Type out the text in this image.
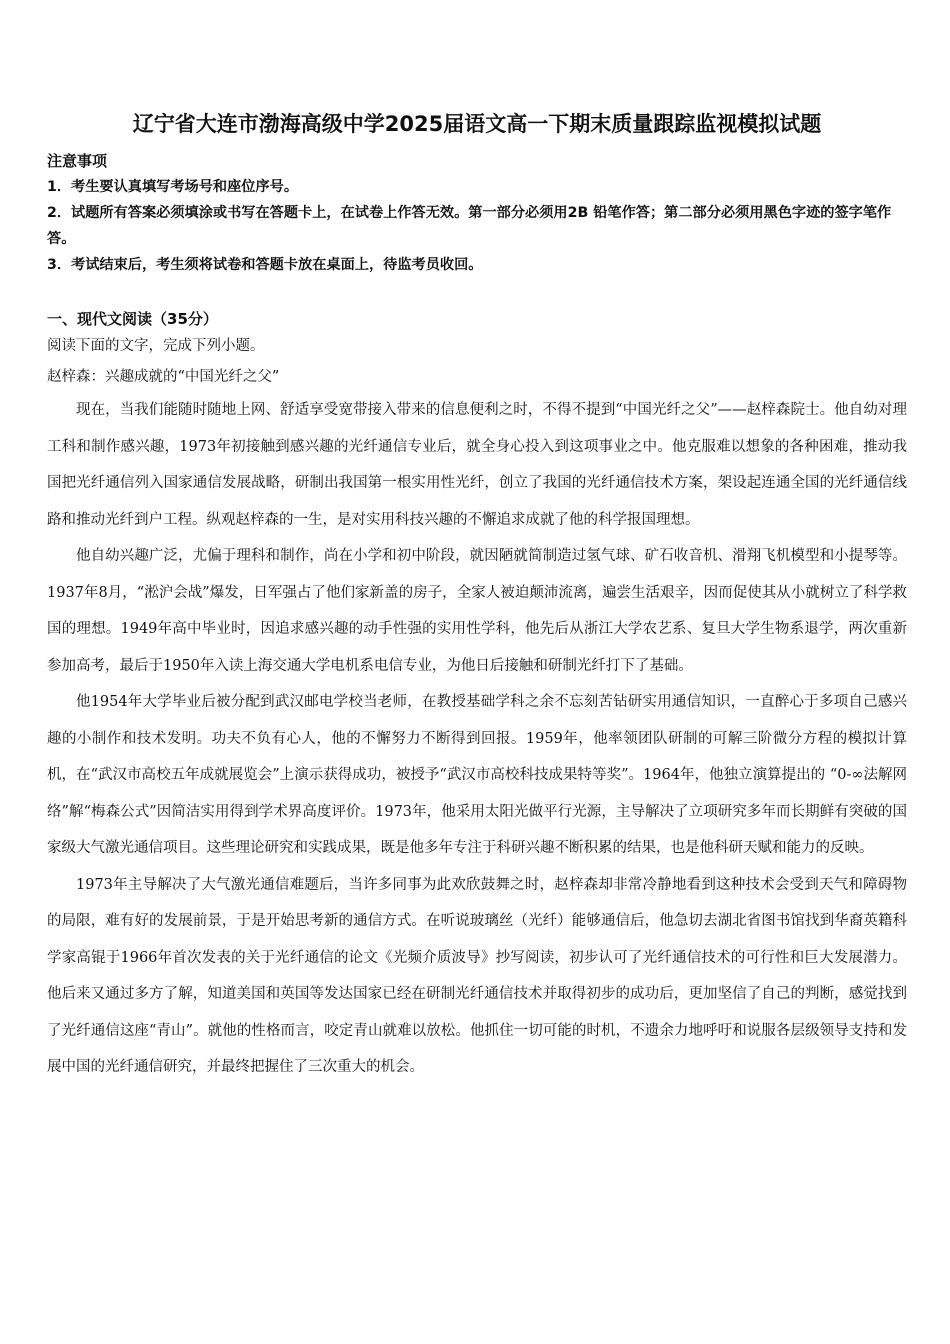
辽宁省大连市渤海高级中学2025届语文高一下期末质量跟踪监视模拟试题

注意事项

1．考生要认真填写考场号和座位序号。

2．试题所有答案必须填涂或书写在答题卡上，在试卷上作答无效。第一部分必须用2B 铅笔作答；第二部分必须用黑色字迹的签字笔作答。

3．考试结束后，考生须将试卷和答题卡放在桌面上，待监考员收回。

一、现代文阅读（35分）

阅读下面的文字，完成下列小题。

赵梓森：兴趣成就的“中国光纤之父”

现在，当我们能随时随地上网、舒适享受宽带接入带来的信息便利之时，不得不提到“中国光纤之父”——赵梓森院士。他自幼对理工科和制作感兴趣，1973年初接触到感兴趣的光纤通信专业后，就全身心投入到这项事业之中。他克服难以想象的各种困难，推动我国把光纤通信列入国家通信发展战略，研制出我国第一根实用性光纤，创立了我国的光纤通信技术方案，架设起连通全国的光纤通信线路和推动光纤到户工程。纵观赵梓森的一生，是对实用科技兴趣的不懈追求成就了他的科学报国理想。

他自幼兴趣广泛，尤偏于理科和制作，尚在小学和初中阶段，就因陋就简制造过氢气球、矿石收音机、滑翔飞机模型和小提琴等。1937年8月，“淞沪会战”爆发，日军强占了他们家新盖的房子，全家人被迫颠沛流离，遍尝生活艰辛，因而促使其从小就树立了科学救国的理想。1949年高中毕业时，因追求感兴趣的动手性强的实用性学科，他先后从浙江大学农艺系、复旦大学生物系退学，两次重新参加高考，最后于1950年入读上海交通大学电机系电信专业，为他日后接触和研制光纤打下了基础。

他1954年大学毕业后被分配到武汉邮电学校当老师，在教授基础学科之余不忘刻苦钻研实用通信知识，一直醉心于多项自己感兴趣的小制作和技术发明。功夫不负有心人，他的不懈努力不断得到回报。1959年，他率领团队研制的可解三阶微分方程的模拟计算机，在“武汉市高校五年成就展览会”上演示获得成功，被授予“武汉市高校科技成果特等奖”。1964年，他独立演算提出的 “0-∞法解网络”解“梅森公式”因简洁实用得到学术界高度评价。1973年，他采用太阳光做平行光源，主导解决了立项研究多年而长期鲜有突破的国家级大气激光通信项目。这些理论研究和实践成果，既是他多年专注于科研兴趣不断积累的结果，也是他科研天赋和能力的反映。

1973年主导解决了大气激光通信难题后，当许多同事为此欢欣鼓舞之时，赵梓森却非常冷静地看到这种技术会受到天气和障碍物的局限，难有好的发展前景，于是开始思考新的通信方式。在听说玻璃丝（光纤）能够通信后，他急切去湖北省图书馆找到华裔英籍科学家高锟于1966年首次发表的关于光纤通信的论文《光频介质波导》抄写阅读，初步认可了光纤通信技术的可行性和巨大发展潜力。他后来又通过多方了解，知道美国和英国等发达国家已经在研制光纤通信技术并取得初步的成功后，更加坚信了自己的判断，感觉找到了光纤通信这座“青山”。就他的性格而言，咬定青山就难以放松。他抓住一切可能的时机，不遗余力地呼吁和说服各层级领导支持和发展中国的光纤通信研究，并最终把握住了三次重大的机会。
